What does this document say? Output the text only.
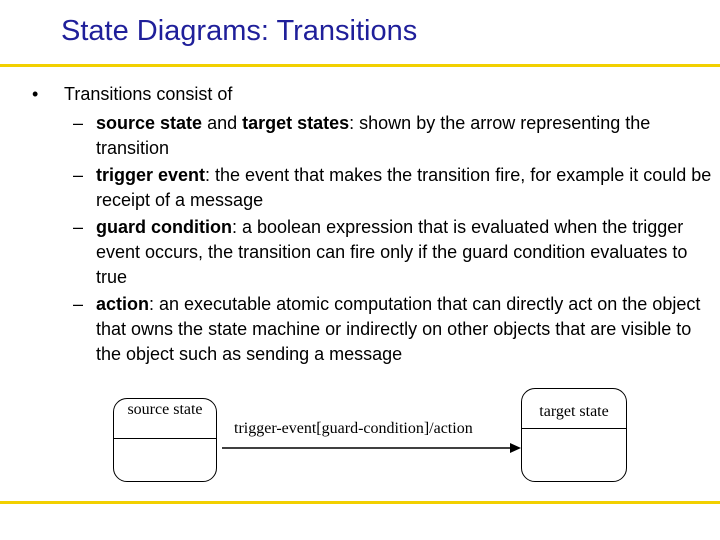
State Diagrams: Transitions
• Transitions consist of
– source state and target states: shown by the arrow representing the transition
– trigger event: the event that makes the transition fire, for example it could be receipt of a message
– guard condition: a boolean expression that is evaluated when the trigger event occurs, the transition can fire only if the guard condition evaluates to true
– action: an executable atomic computation that can directly act on the object that owns the state machine or indirectly on other objects that are visible to the object such as sending a message
source state	target state
trigger-event[guard-condition]/action
